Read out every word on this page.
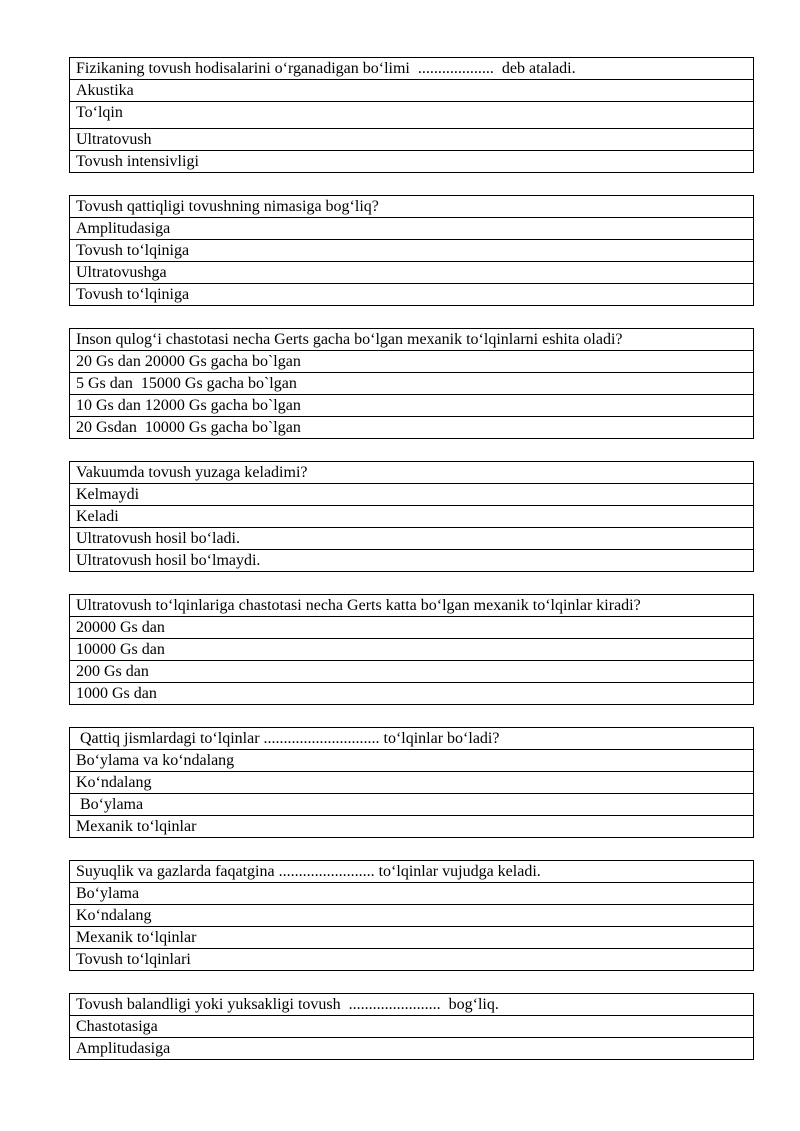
Fizikaning tovush hodisalarini o‘rganadigan bo‘limi  ...................  deb ataladi.
Akustika
To‘lqin
Ultratovush
Tovush intensivligi
Tovush qattiqligi tovushning nimasiga bog‘liq?
Amplitudasiga
Tovush to‘lqiniga
Ultratovushga
Tovush to‘lqiniga
Inson qulog‘i chastotasi necha Gerts gacha bo‘lgan mexanik to‘lqinlarni eshita oladi?
20 Gs dan 20000 Gs gacha bo`lgan
5 Gs dan  15000 Gs gacha bo`lgan
10 Gs dan 12000 Gs gacha bo`lgan
20 Gsdan  10000 Gs gacha bo`lgan
Vakuumda tovush yuzaga keladimi?
Kelmaydi
Keladi
Ultratovush hosil bo‘ladi.
Ultratovush hosil bo‘lmaydi.
Ultratovush to‘lqinlariga chastotasi necha Gerts katta bo‘lgan mexanik to‘lqinlar kiradi?
20000 Gs dan
10000 Gs dan
200 Gs dan
1000 Gs dan
Qattiq jismlardagi to‘lqinlar ............................. to‘lqinlar bo‘ladi?
Bo‘ylama va ko‘ndalang
Ko‘ndalang
Bo‘ylama
Mexanik to‘lqinlar
Suyuqlik va gazlarda faqatgina ........................ to‘lqinlar vujudga keladi.
Bo‘ylama
Ko‘ndalang
Mexanik to‘lqinlar
Tovush to‘lqinlari
Tovush balandligi yoki yuksakligi tovush  .......................  bog‘liq.
Chastotasiga
Amplitudasiga
